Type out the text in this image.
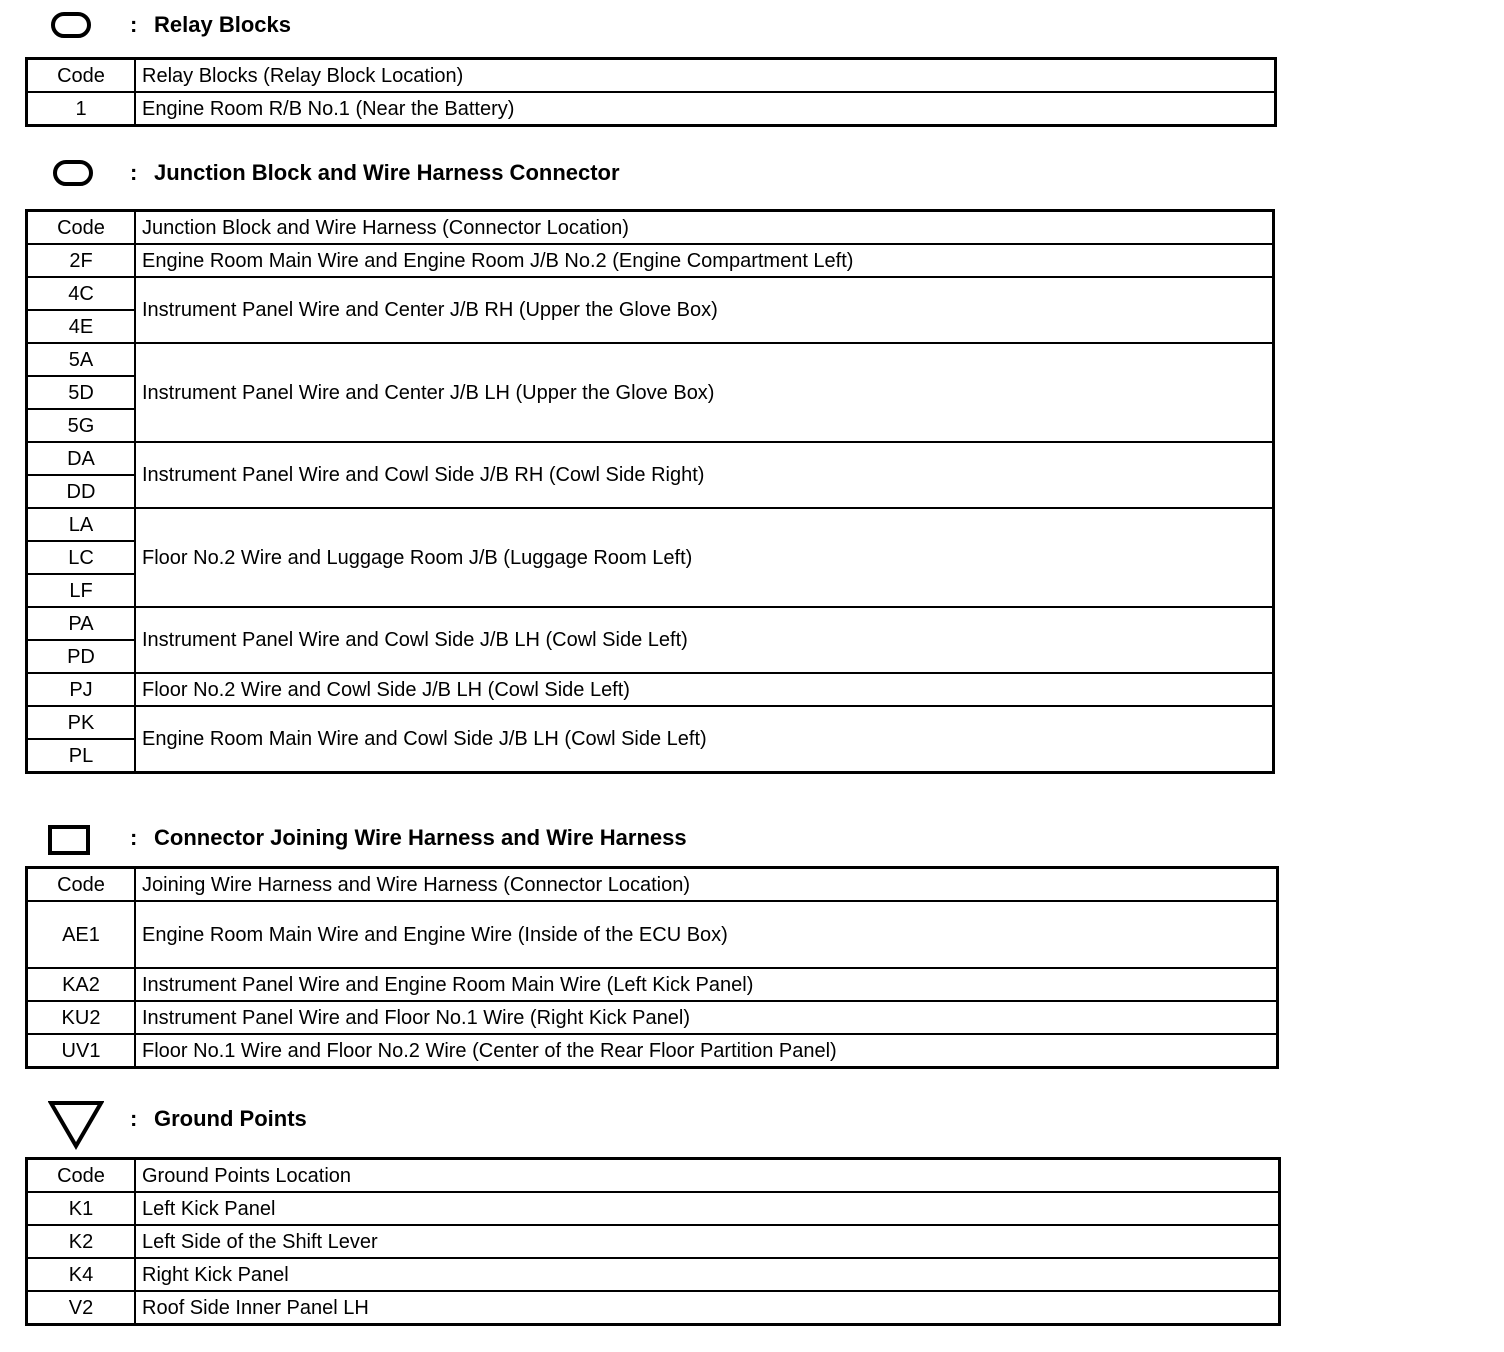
: Relay Blocks
Code	Relay Blocks (Relay Block Location)
1	Engine Room R/B No.1 (Near the Battery)
: Junction Block and Wire Harness Connector
Code	Junction Block and Wire Harness (Connector Location)
2F	Engine Room Main Wire and Engine Room J/B No.2 (Engine Compartment Left)
4C	Instrument Panel Wire and Center J/B RH (Upper the Glove Box)
4E	
5A	Instrument Panel Wire and Center J/B LH (Upper the Glove Box)
5D	
5G	
DA	Instrument Panel Wire and Cowl Side J/B RH (Cowl Side Right)
DD	
LA	Floor No.2 Wire and Luggage Room J/B (Luggage Room Left)
LC	
LF	
PA	Instrument Panel Wire and Cowl Side J/B LH (Cowl Side Left)
PD	
PJ	Floor No.2 Wire and Cowl Side J/B LH (Cowl Side Left)
PK	Engine Room Main Wire and Cowl Side J/B LH (Cowl Side Left)
PL	
: Connector Joining Wire Harness and Wire Harness
Code	Joining Wire Harness and Wire Harness (Connector Location)
AE1	Engine Room Main Wire and Engine Wire (Inside of the ECU Box)
KA2	Instrument Panel Wire and Engine Room Main Wire (Left Kick Panel)
KU2	Instrument Panel Wire and Floor No.1 Wire (Right Kick Panel)
UV1	Floor No.1 Wire and Floor No.2 Wire (Center of the Rear Floor Partition Panel)
: Ground Points
Code	Ground Points Location
K1	Left Kick Panel
K2	Left Side of the Shift Lever
K4	Right Kick Panel
V2	Roof Side Inner Panel LH
